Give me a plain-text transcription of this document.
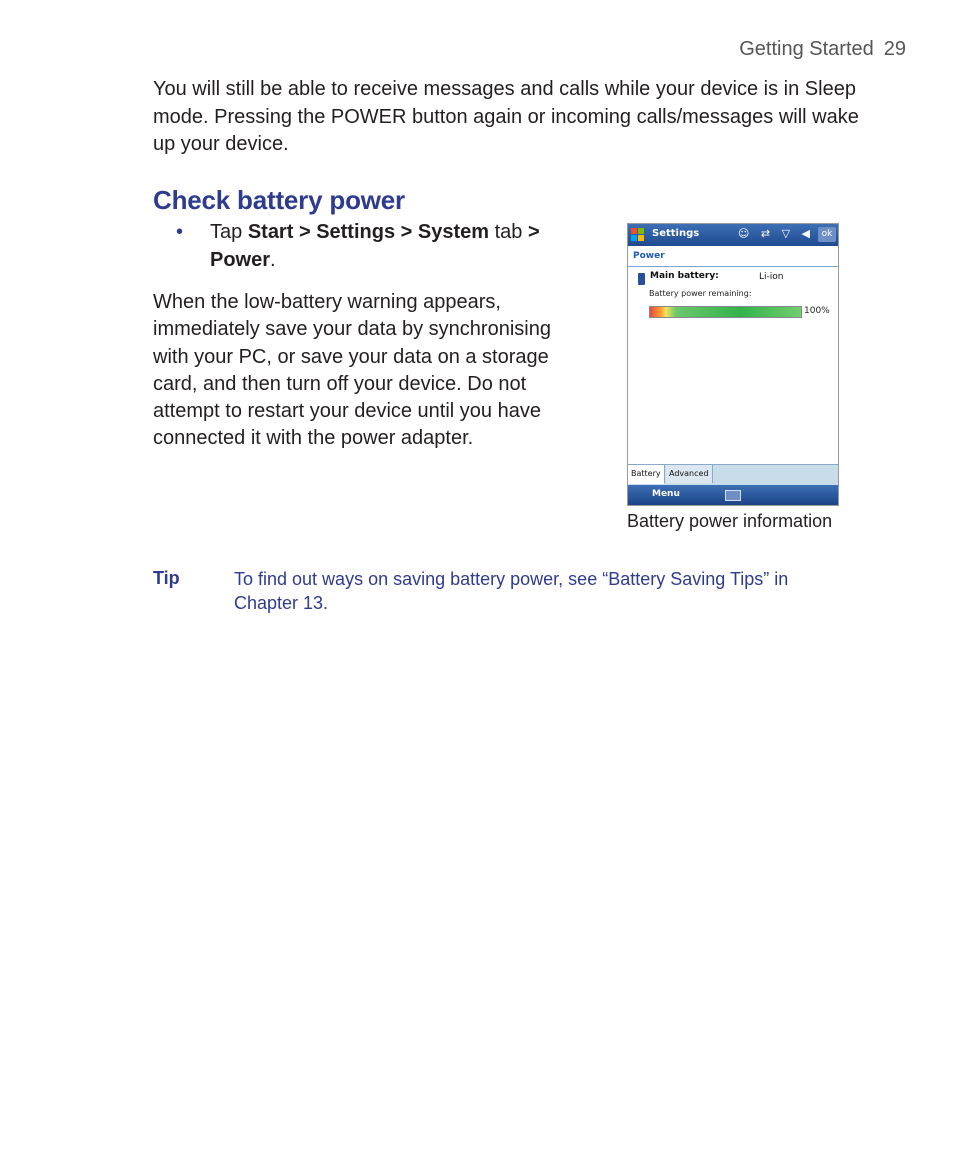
Getting Started 29

You will still be able to receive messages and calls while your device is in Sleep mode. Pressing the POWER button again or incoming calls/messages will wake up your device.

Check battery power
• Tap Start > Settings > System tab >
Power.

When the low-battery warning appears, immediately save your data by synchronising with your PC, or save your data on a storage card, and then turn off your device. Do not attempt to restart your device until you have connected it with the power adapter.

Settings	☺ ⇄ ▽ ◀ ok
Power
Main battery:	Li-ion
Battery power remaining:
100%
Battery	Advanced
Menu
Battery power information
Tip	To find out ways on saving battery power, see “Battery Saving Tips” in Chapter 13.
